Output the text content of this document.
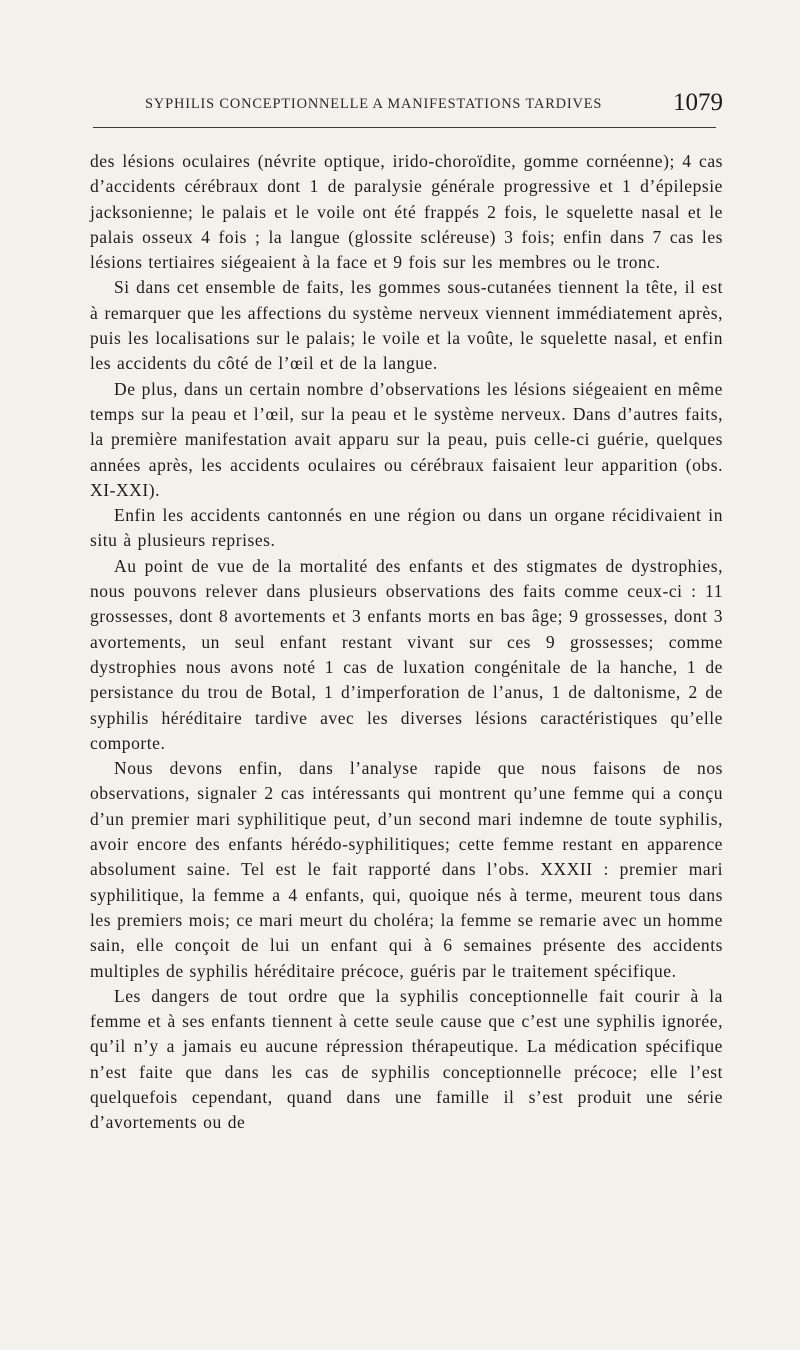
SYPHILIS CONCEPTIONNELLE A MANIFESTATIONS TARDIVES	1079

des lésions oculaires (névrite optique, irido-choroïdite, gomme cornéenne); 4 cas d’accidents cérébraux dont 1 de paralysie générale progressive et 1 d’épilepsie jacksonienne; le palais et le voile ont été frappés 2 fois, le squelette nasal et le palais osseux 4 fois ; la langue (glossite scléreuse) 3 fois; enfin dans 7 cas les lésions tertiaires siégeaient à la face et 9 fois sur les membres ou le tronc.

Si dans cet ensemble de faits, les gommes sous-cutanées tiennent la tête, il est à remarquer que les affections du système nerveux viennent immédiatement après, puis les localisations sur le palais; le voile et la voûte, le squelette nasal, et enfin les accidents du côté de l’œil et de la langue.

De plus, dans un certain nombre d’observations les lésions siégeaient en même temps sur la peau et l’œil, sur la peau et le système nerveux. Dans d’autres faits, la première manifestation avait apparu sur la peau, puis celle-ci guérie, quelques années après, les accidents oculaires ou cérébraux faisaient leur apparition (obs. XI-XXI).

Enfin les accidents cantonnés en une région ou dans un organe récidivaient in situ à plusieurs reprises.

Au point de vue de la mortalité des enfants et des stigmates de dystrophies, nous pouvons relever dans plusieurs observations des faits comme ceux-ci : 11 grossesses, dont 8 avortements et 3 enfants morts en bas âge; 9 grossesses, dont 3 avortements, un seul enfant restant vivant sur ces 9 grossesses; comme dystrophies nous avons noté 1 cas de luxation congénitale de la hanche, 1 de persistance du trou de Botal, 1 d’imperforation de l’anus, 1 de daltonisme, 2 de syphilis héréditaire tardive avec les diverses lésions caractéristiques qu’elle comporte.

Nous devons enfin, dans l’analyse rapide que nous faisons de nos observations, signaler 2 cas intéressants qui montrent qu’une femme qui a conçu d’un premier mari syphilitique peut, d’un second mari indemne de toute syphilis, avoir encore des enfants hérédo-syphilitiques; cette femme restant en apparence absolument saine. Tel est le fait rapporté dans l’obs. XXXII : premier mari syphilitique, la femme a 4 enfants, qui, quoique nés à terme, meurent tous dans les premiers mois; ce mari meurt du choléra; la femme se remarie avec un homme sain, elle conçoit de lui un enfant qui à 6 semaines présente des accidents multiples de syphilis héréditaire précoce, guéris par le traitement spécifique.

Les dangers de tout ordre que la syphilis conceptionnelle fait courir à la femme et à ses enfants tiennent à cette seule cause que c’est une syphilis ignorée, qu’il n’y a jamais eu aucune répression thérapeutique. La médication spécifique n’est faite que dans les cas de syphilis conceptionnelle précoce; elle l’est quelquefois cependant, quand dans une famille il s’est produit une série d’avortements ou de
